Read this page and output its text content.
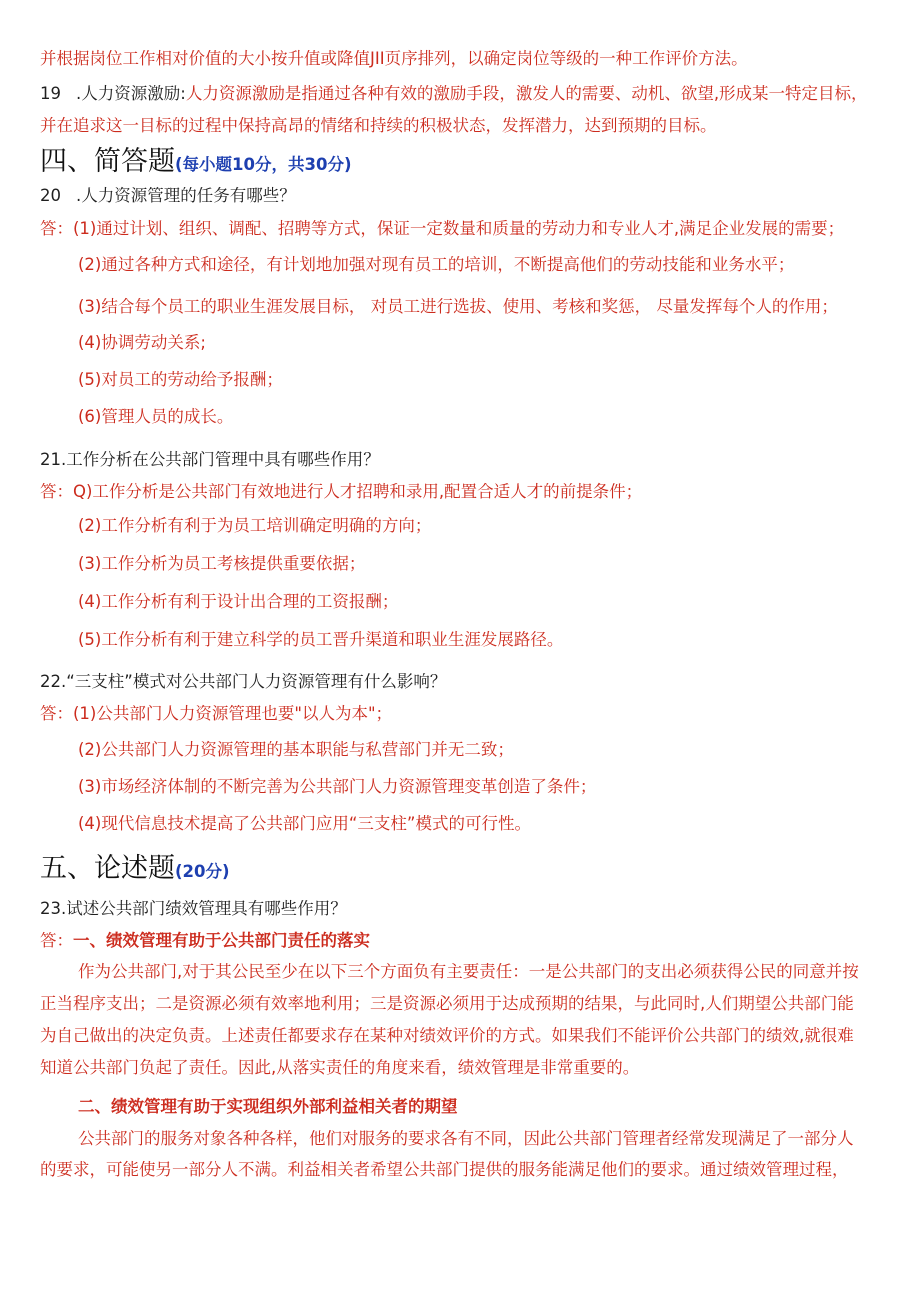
并根据岗位工作相对价值的大小按升值或降值JII页序排列，以确定岗位等级的一种工作评价方法。
19 .人力资源激励:人力资源激励是指通过各种有效的激励手段，激发人的需要、动机、欲望,形成某一特定目标，
并在追求这一目标的过程中保持高昂的情绪和持续的积极状态，发挥潜力，达到预期的目标。
四、简答题(每小题10分，共30分)
20 .人力资源管理的任务有哪些？
答：(1)通过计划、组织、调配、招聘等方式，保证一定数量和质量的劳动力和专业人才,满足企业发展的需要；
(2)通过各种方式和途径，有计划地加强对现有员工的培训，不断提高他们的劳动技能和业务水平；
(3)结合每个员工的职业生涯发展目标， 对员工进行选拔、使用、考核和奖惩， 尽量发挥每个人的作用；
(4)协调劳动关系;
(5)对员工的劳动给予报酬；
(6)管理人员的成长。
21.工作分析在公共部门管理中具有哪些作用？
答：Q)工作分析是公共部门有效地进行人才招聘和录用,配置合适人才的前提条件；
(2)工作分析有利于为员工培训确定明确的方向；
(3)工作分析为员工考核提供重要依据；
(4)工作分析有利于设计出合理的工资报酬；
(5)工作分析有利于建立科学的员工晋升渠道和职业生涯发展路径。
22.“三支柱”模式对公共部门人力资源管理有什么影响？
答：(1)公共部门人力资源管理也要"以人为本"；
(2)公共部门人力资源管理的基本职能与私营部门并无二致；
(3)市场经济体制的不断完善为公共部门人力资源管理变革创造了条件；
(4)现代信息技术提高了公共部门应用“三支柱”模式的可行性。
五、论述题(20分)
23.试述公共部门绩效管理具有哪些作用？
答：一、绩效管理有助于公共部门责任的落实
作为公共部门,对于其公民至少在以下三个方面负有主要责任：一是公共部门的支出必须获得公民的同意并按
正当程序支出；二是资源必须有效率地利用；三是资源必须用于达成预期的结果，与此同时,人们期望公共部门能
为自己做出的决定负责。上述责任都要求存在某种对绩效评价的方式。如果我们不能评价公共部门的绩效,就很难
知道公共部门负起了责任。因此,从落实责任的角度来看，绩效管理是非常重要的。
二、绩效管理有助于实现组织外部利益相关者的期望
公共部门的服务对象各种各样，他们对服务的要求各有不同，因此公共部门管理者经常发现满足了一部分人
的要求，可能使另一部分人不满。利益相关者希望公共部门提供的服务能满足他们的要求。通过绩效管理过程，
